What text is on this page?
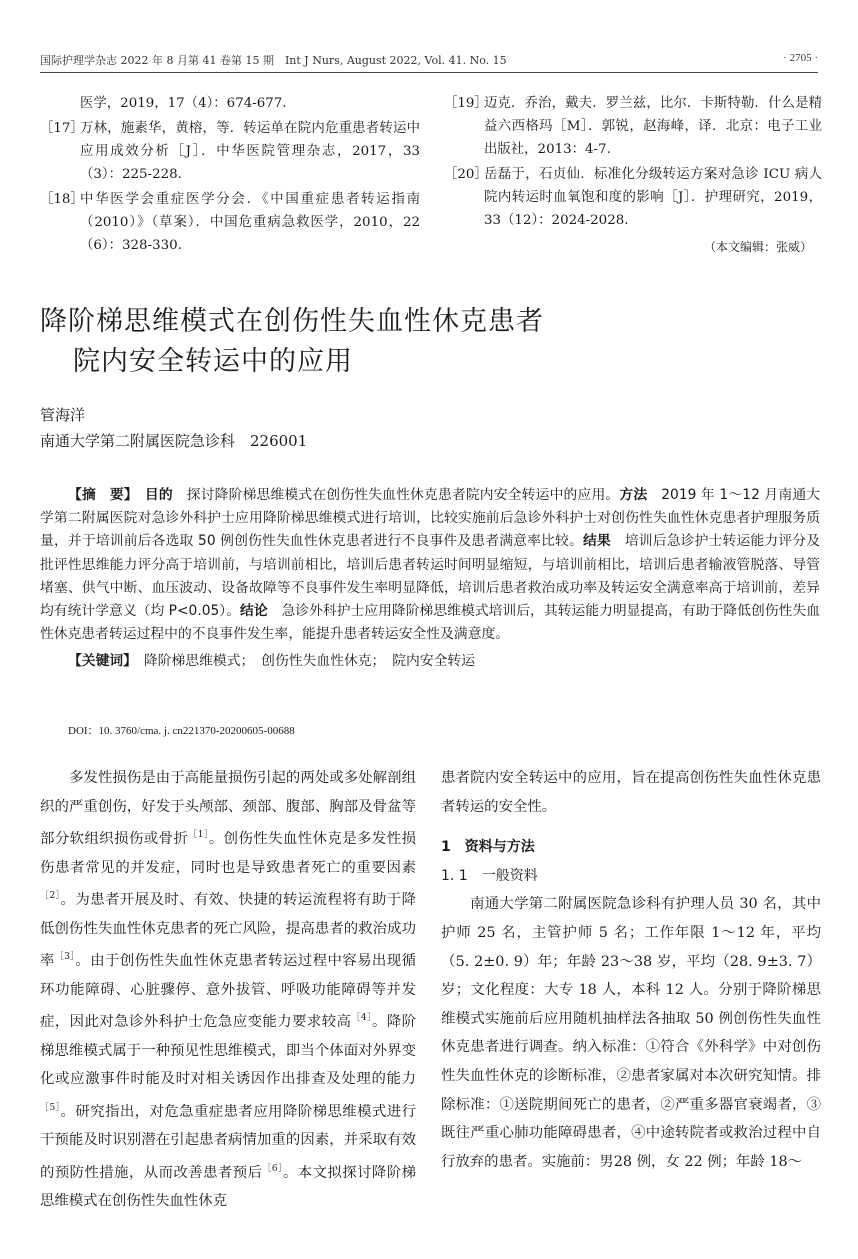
国际护理学杂志 2022 年 8 月第 41 卷第 15 期　Int J Nurs, August 2022, Vol. 41. No. 15	· 2705 ·
医学，2019，17（4）：674-677.
［17］
万林，施素华，黄榕，等．转运单在院内危重患者转运中应用成效分析［J］．中华医院管理杂志，2017，33（3）：225-228.
［18］
中华医学会重症医学分会．《中国重症患者转运指南（2010）》（草案）．中国危重病急救医学，2010，22（6）：328-330.
［19］
迈克．乔治，戴夫．罗兰兹，比尔．卡斯特勒．什么是精益六西格玛［M］．郭锐，赵海峰，译．北京：电子工业出版社，2013：4-7.
［20］
岳磊于，石贞仙．标准化分级转运方案对急诊 ICU 病人院内转运时血氧饱和度的影响［J］．护理研究，2019，33（12）：2024-2028.
（本文编辑：张威）
降阶梯思维模式在创伤性失血性休克患者
院内安全转运中的应用
管海洋
南通大学第二附属医院急诊科　226001

【摘　要】　 目的　 探讨降阶梯思维模式在创伤性失血性休克患者院内安全转运中的应用。方法　 2019 年 1～12 月南通大学第二附属医院对急诊外科护士应用降阶梯思维模式进行培训，比较实施前后急诊外科护士对创伤性失血性休克患者护理服务质量，并于培训前后各选取 50 例创伤性失血性休克患者进行不良事件及患者满意率比较。结果　 培训后急诊护士转运能力评分及批评性思维能力评分高于培训前，与培训前相比，培训后患者转运时间明显缩短，与培训前相比，培训后患者输液管脱落、导管堵塞、供气中断、血压波动、设备故障等不良事件发生率明显降低，培训后患者救治成功率及转运安全满意率高于培训前，差异均有统计学意义（均 P<0.05）。结论　 急诊外科护士应用降阶梯思维模式培训后，其转运能力明显提高，有助于降低创伤性失血性休克患者转运过程中的不良事件发生率，能提升患者转运安全性及满意度。

【关键词】　 降阶梯思维模式；　创伤性失血性休克；　院内安全转运
DOI：10. 3760/cma. j. cn221370-20200605-00688

多发性损伤是由于高能量损伤引起的两处或多处解剖组织的严重创伤，好发于头颅部、颈部、腹部、胸部及骨盆等部分软组织损伤或骨折$^{[1]}$。创伤性失血性休克是多发性损伤患者常见的并发症，同时也是导致患者死亡的重要因素$^{[2]}$。为患者开展及时、有效、快捷的转运流程将有助于降低创伤性失血性休克患者的死亡风险，提高患者的救治成功率$^{[3]}$。由于创伤性失血性休克患者转运过程中容易出现循环功能障碍、心脏骤停、意外拔管、呼吸功能障碍等并发症，因此对急诊外科护士危急应变能力要求较高$^{[4]}$。降阶梯思维模式属于一种预见性思维模式，即当个体面对外界变化或应激事件时能及时对相关诱因作出排查及处理的能力$^{[5]}$。研究指出，对危急重症患者应用降阶梯思维模式进行干预能及时识别潜在引起患者病情加重的因素，并采取有效的预防性措施，从而改善患者预后$^{[6]}$。本文拟探讨降阶梯思维模式在创伤性失血性休克

患者院内安全转运中的应用，旨在提高创伤性失血性休克患者转运的安全性。

1　资料与方法
1. 1　一般资料

南通大学第二附属医院急诊科有护理人员 30 名，其中护师 25 名，主管护师 5 名；工作年限 1～12 年，平均（5. 2±0. 9）年；年龄 23～38 岁，平均（28. 9±3. 7）岁；文化程度：大专 18 人，本科 12 人。分别于降阶梯思维模式实施前后应用随机抽样法各抽取 50 例创伤性失血性休克患者进行调查。纳入标准：①符合《外科学》中对创伤性失血性休克的诊断标准，②患者家属对本次研究知情。排除标准：①送院期间死亡的患者，②严重多器官衰竭者，③既往严重心肺功能障碍患者，④中途转院者或救治过程中自行放弃的患者。实施前：男28 例，女 22 例；年龄 18～
